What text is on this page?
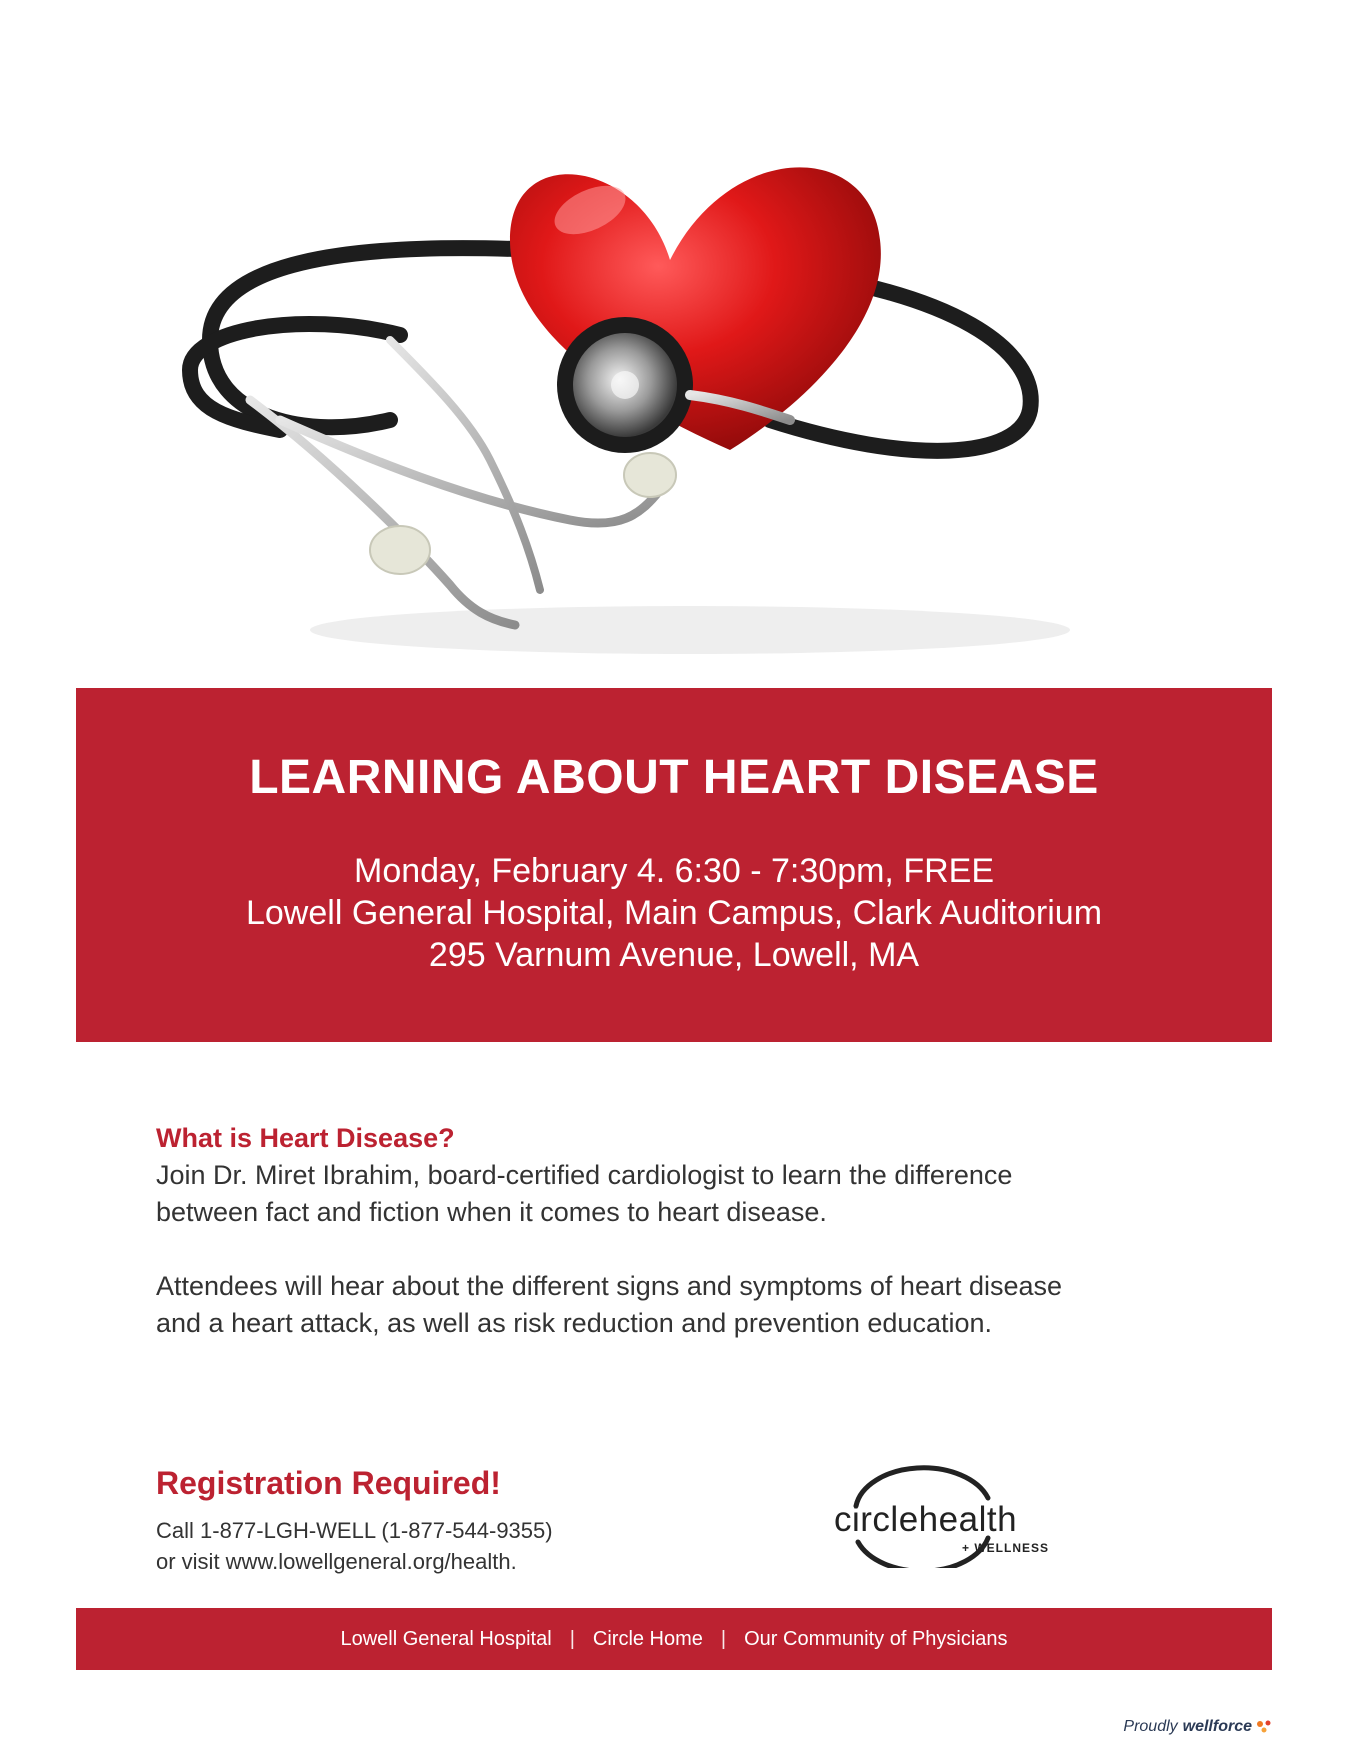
LEARNING ABOUT HEART DISEASE
Monday, February 4. 6:30 - 7:30pm, FREE
Lowell General Hospital, Main Campus, Clark Auditorium
295 Varnum Avenue, Lowell, MA
What is Heart Disease?
Join Dr. Miret Ibrahim, board-certified cardiologist to learn the difference
between fact and fiction when it comes to heart disease.
Attendees will hear about the different signs and symptoms of heart disease
and a heart attack, as well as risk reduction and prevention education.
Registration Required!
Call 1-877-LGH-WELL (1-877-544-9355)
or visit www.lowellgeneral.org/health.
circlehealth
+ WELLNESS
Lowell General Hospital | Circle Home | Our Community of Physicians
Proudly wellforce
